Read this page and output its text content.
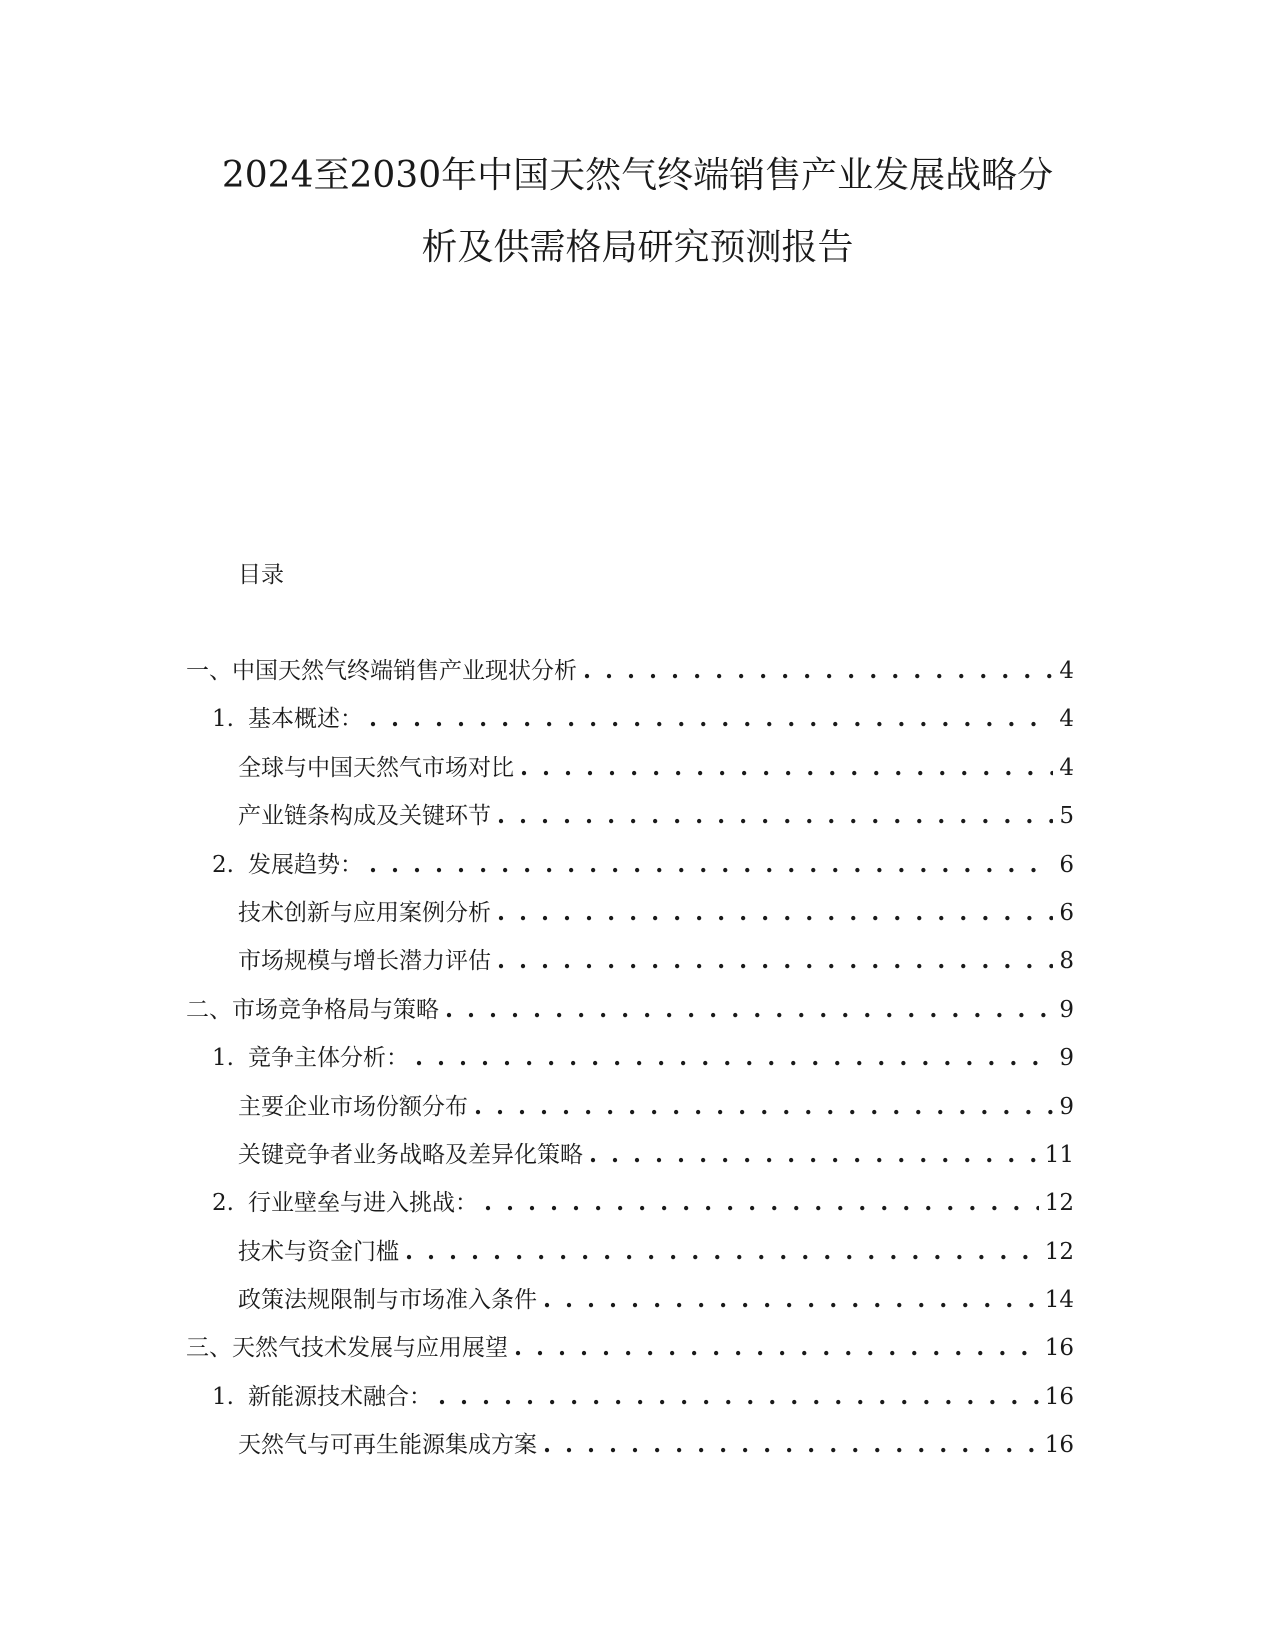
2024至2030年中国天然气终端销售产业发展战略分
析及供需格局研究预测报告
目录
一、中国天然气终端销售产业现状分析 . . .	4
1. 基本概述： . . .	4
全球与中国天然气市场对比 . . .	4
产业链条构成及关键环节 . . .	5
2. 发展趋势： . . .	6
技术创新与应用案例分析 . . .	6
市场规模与增长潜力评估 . . .	8
二、市场竞争格局与策略 . . .	9
1. 竞争主体分析： . . .	9
主要企业市场份额分布 . . .	9
关键竞争者业务战略及差异化策略 . . .	11
2. 行业壁垒与进入挑战： . . .	12
技术与资金门槛 . . .	12
政策法规限制与市场准入条件 . . .	14
三、天然气技术发展与应用展望 . . .	16
1. 新能源技术融合： . . .	16
天然气与可再生能源集成方案 . . .	16
